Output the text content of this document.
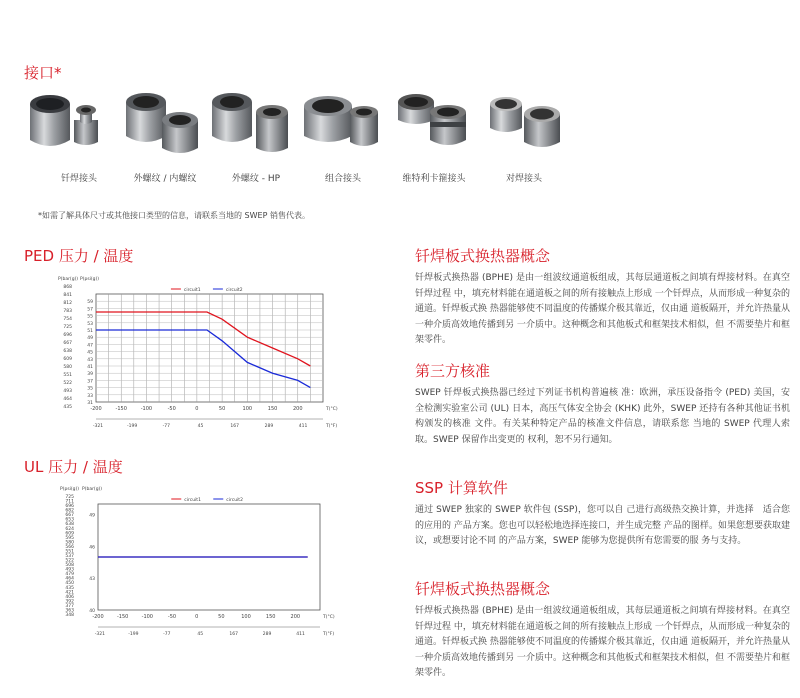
接口*
钎焊接头	外螺纹 / 内螺纹	外螺纹 - HP	组合接头	维特利卡箍接头	对焊接头
*如需了解具体尺寸或其他接口类型的信息，请联系当地的 SWEP 销售代表。
PED 压力 / 温度
868
841
812
783
754
725
696
667
638
609
580
551
522
493
464
435
59
57
55
53
51
49
47
45
43
41
39
37
35
33
31
P(bar(g)) P(psi(g))
-200	-150	-100	-50	0	50	100	150	200	T(°C)
-321	-199	-77	45	167	289	411	T(°F)
circuit1	circuit2
UL 压力 / 温度
725
711
696
682
667
653
638
624
609
595
580
566
551
537
522
508
493
479
464
450
435
421
406
392
377
363
348
49
46
43
40
P(psi(g)) P(bar(g))
-200	-150	-100	-50	0	50	100	150	200	T(°C)
-321	-199	-77	45	167	289	411	T(°F)
circuit1	circuit2
钎焊板式换热器概念
钎焊板式换热器 (BPHE) 是由一组波纹通道板组成，其每层通道板之间填有焊接材料。在真空钎焊过程 中，填充材料能在通道板之间的所有接触点上形成 一个钎焊点，从而形成一种复杂的通道。钎焊板式换 热器能够使不同温度的传播媒介极其靠近，仅由通 道板隔开，并允许热量从一种介质高效地传播到另 一介质中。这种概念和其他板式和框架技术相似，但 不需要垫片和框架零件。
第三方核准
SWEP 钎焊板式换热器已经过下列证书机构普遍核 准：欧洲，承压设备指令 (PED) 美国，安全检测实验室公司 (UL) 日本，高压气体安全协会 (KHK) 此外，SWEP 还持有各种其他证书机构颁发的核准 文件。有关某种特定产品的核准文件信息，请联系您 当地的 SWEP 代理人索取。SWEP 保留作出变更的 权利，恕不另行通知。
SSP 计算软件
通过 SWEP 独家的 SWEP 软件包 (SSP)，您可以自 己进行高级热交换计算，并选择　适合您的应用的 产品方案。您也可以轻松地选择连接口，并生成完整 产品的图样。如果您想要获取建议，或想要讨论不同 的产品方案，SWEP 能够为您提供所有您需要的服 务与支持。
钎焊板式换热器概念
钎焊板式换热器 (BPHE) 是由一组波纹通道板组成，其每层通道板之间填有焊接材料。在真空钎焊过程 中，填充材料能在通道板之间的所有接触点上形成 一个钎焊点，从而形成一种复杂的通道。钎焊板式换 热器能够使不同温度的传播媒介极其靠近，仅由通 道板隔开，并允许热量从一种介质高效地传播到另 一介质中。这种概念和其他板式和框架技术相似，但 不需要垫片和框架零件。
